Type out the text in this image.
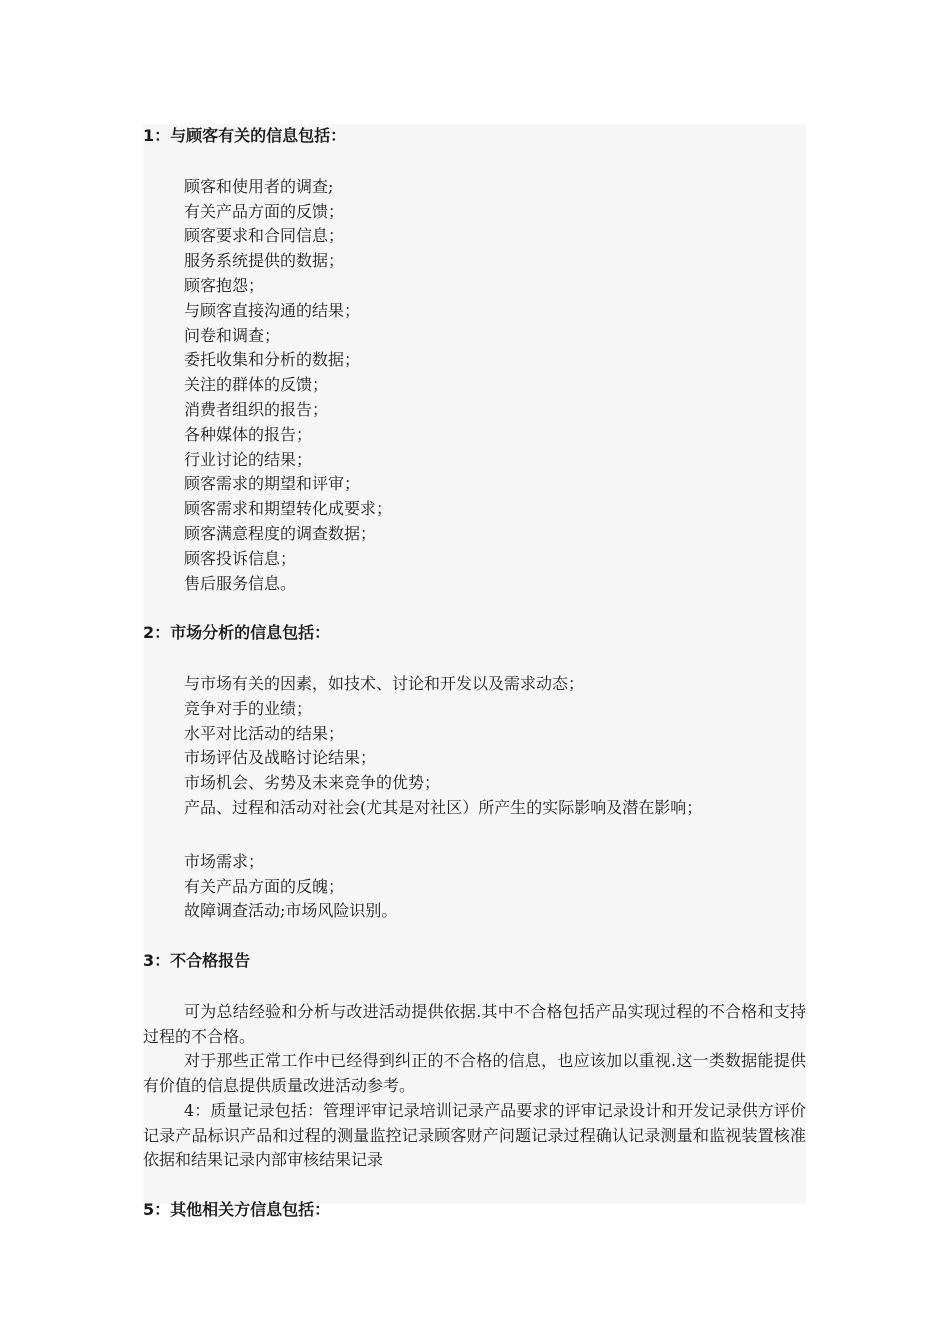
1：与顾客有关的信息包括：
顾客和使用者的调查;
有关产品方面的反馈；
顾客要求和合同信息；
服务系统提供的数据；
顾客抱怨；
与顾客直接沟通的结果；
问卷和调查；
委托收集和分析的数据；
关注的群体的反馈；
消费者组织的报告；
各种媒体的报告；
行业讨论的结果；
顾客需求的期望和评审；
顾客需求和期望转化成要求；
顾客满意程度的调查数据；
顾客投诉信息；
售后服务信息。
2：市场分析的信息包括：
与市场有关的因素，如技术、讨论和开发以及需求动态；
竞争对手的业绩；
水平对比活动的结果；
市场评估及战略讨论结果；
市场机会、劣势及未来竞争的优势；
产品、过程和活动对社会(尤其是对社区）所产生的实际影响及潜在影响；
市场需求；
有关产品方面的反魄；
故障调查活动;市场风险识别。
3：不合格报告

可为总结经验和分析与改进活动提供依据.其中不合格包括产品实现过程的不合格和支持过程的不合格。

对于那些正常工作中已经得到纠正的不合格的信息，也应该加以重视.这一类数据能提供有价值的信息提供质量改进活动参考。

4：质量记录包括：管理评审记录培训记录产品要求的评审记录设计和开发记录供方评价记录产品标识产品和过程的测量监控记录顾客财产问题记录过程确认记录测量和监视装置核准依据和结果记录内部审核结果记录

5：其他相关方信息包括：
